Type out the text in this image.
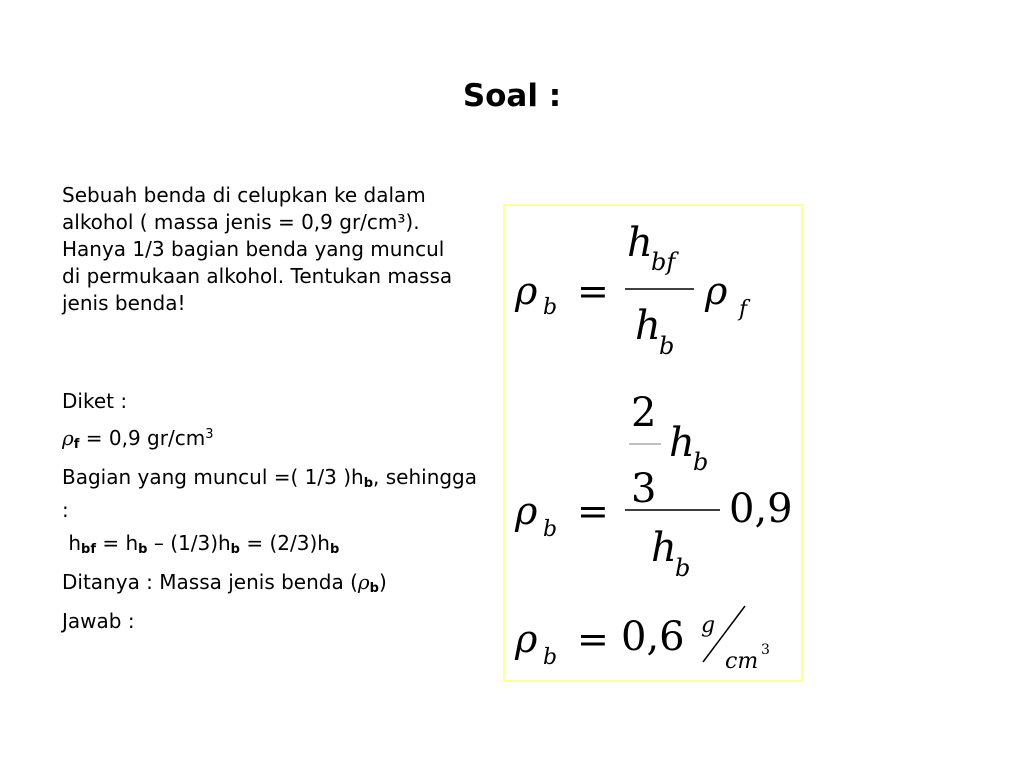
Soal :
Sebuah benda di celupkan ke dalam alkohol ( massa jenis = 0,9 gr/cm³). Hanya 1/3 bagian benda yang muncul di permukaan alkohol. Tentukan massa jenis benda!
Diket :
$\rho_f = 0,9$ $gr/cm^3$
Bagian yang muncul =( 1/3 )$h_b$, sehingga :
$h_{bf} = h_b - (1/3)h_b = (2/3)h_b$
Ditanya : Massa jenis benda $(\rho_b)$
Jawab :
ρ b =
h
bf
h
b
ρ f
2
h
b
3
ρ b =
h
b
0,9
ρ b = 0,6 g
cm 3
